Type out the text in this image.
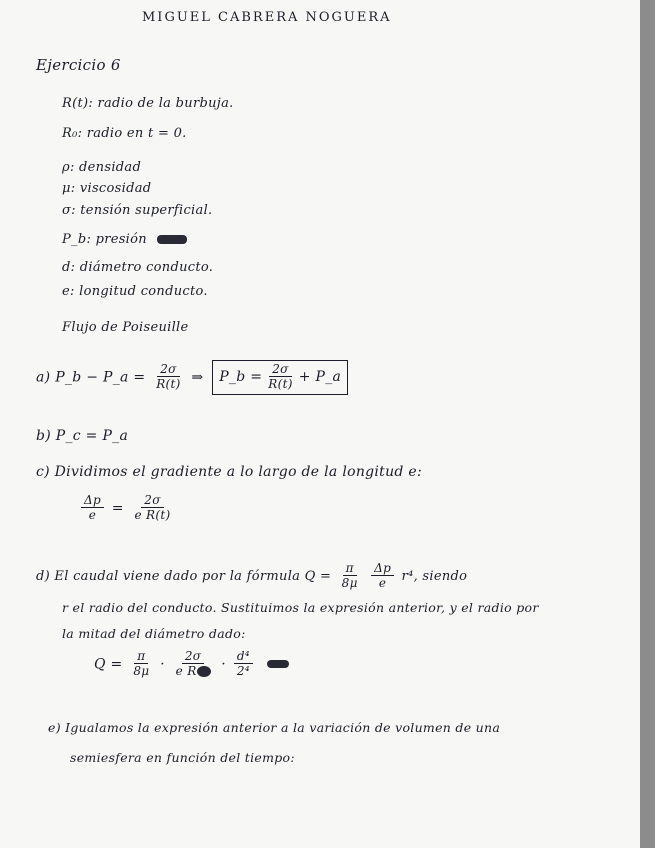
MIGUEL CABRERA NOGUERA
Ejercicio 6
R(t): radio de la burbuja.
R₀: radio en t = 0.
ρ: densidad
μ: viscosidad
σ: tensión superficial.
P_b: presión
d: diámetro conducto.
e: longitud conducto.
Flujo de Poiseuille
a) P_b − P_a = $\frac{2\sigma}{R(t)}$ ⇒ P_b = $\frac{2\sigma}{R(t)}$ + P_a
b) P_c = P_a
c) Dividimos el gradiente a lo largo de la longitud e:
$\frac{\Delta p}{e} = \frac{2\sigma}{\text{e R(t)}}$
d) El caudal viene dado por la fórmula $Q = \frac{\pi}{8\mu}$
$\frac{\Delta p}{e} r^4$, siendo
r el radio del conducto. Sustituimos la expresión anterior, y el radio por
la mitad del diámetro dado:
$Q = \frac{\pi}{8\mu} \cdot \frac{2\sigma}{\text{e R}} \cdot \frac{\text{d⁴}}{\text{2⁴}}$

e) Igualamos la expresión anterior a la variación de volumen de una
semiesfera en función del tiempo:
